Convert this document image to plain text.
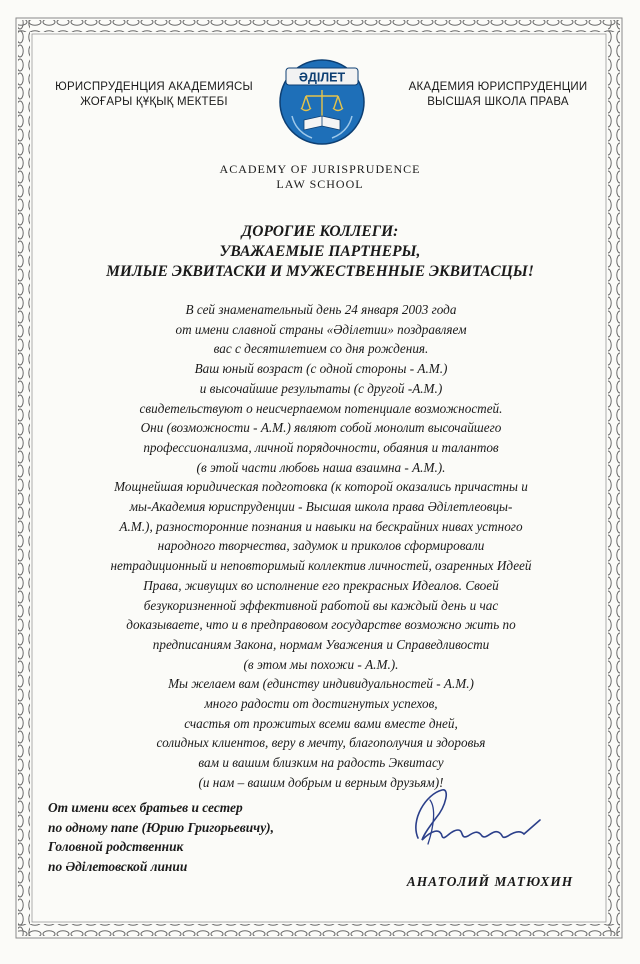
ЮРИСПРУДЕНЦИЯ АКАДЕМИЯСЫ
ЖОҒАРЫ ҚҰҚЫҚ МЕКТЕБІ
ӘДІЛЕТ
АКАДЕМИЯ ЮРИСПРУДЕНЦИИ
ВЫСШАЯ ШКОЛА ПРАВА
ACADEMY OF JURISPRUDENCE
LAW SCHOOL
ДОРОГИЕ КОЛЛЕГИ:
УВАЖАЕМЫЕ ПАРТНЕРЫ,
МИЛЫЕ ЭКВИТАСКИ И МУЖЕСТВЕННЫЕ ЭКВИТАСЦЫ!
В сей знаменательный день 24 января 2003 года
от имени славной страны «Әдiлетии» поздравляем
вас с десятилетием со дня рождения.
Ваш юный возраст (с одной стороны - А.М.)
и высочайшие результаты (с другой -А.М.)
свидетельствуют о неисчерпаемом потенциале возможностей.
Они (возможности - А.М.) являют собой монолит высочайшего
профессионализма, личной порядочности, обаяния и талантов
(в этой части любовь наша взаимна - А.М.).
Мощнейшая юридическая подготовка (к которой оказались причастны и
мы-Академия юриспруденции - Высшая школа права Әдiлетлеовцы-
А.М.), разносторонние познания и навыки на бескрайних нивах устного
народного творчества, задумок и приколов сформировали
нетрадиционный и неповторимый коллектив личностей, озаренных Идеей
Права, живущих во исполнение его прекрасных Идеалов. Своей
безукоризненной эффективной работой вы каждый день и час
доказываете, что и в предправовом государстве возможно жить по
предписаниям Закона, нормам Уважения и Справедливости
(в этом мы похожи - А.М.).
Мы желаем вам (единству индивидуальностей - А.М.)
много радости от достигнутых успехов,
счастья от прожитых всеми вами вместе дней,
солидных клиентов, веру в мечту, благополучия и здоровья
вам и вашим близким на радость Эквитасу
(и нам – вашим добрым и верным друзьям)!
От имени всех братьев и сестер
по одному папе (Юрию Григорьевичу),
Головной родственник
по Әдiлетовской линии
АНАТОЛИЙ МАТЮХИН
